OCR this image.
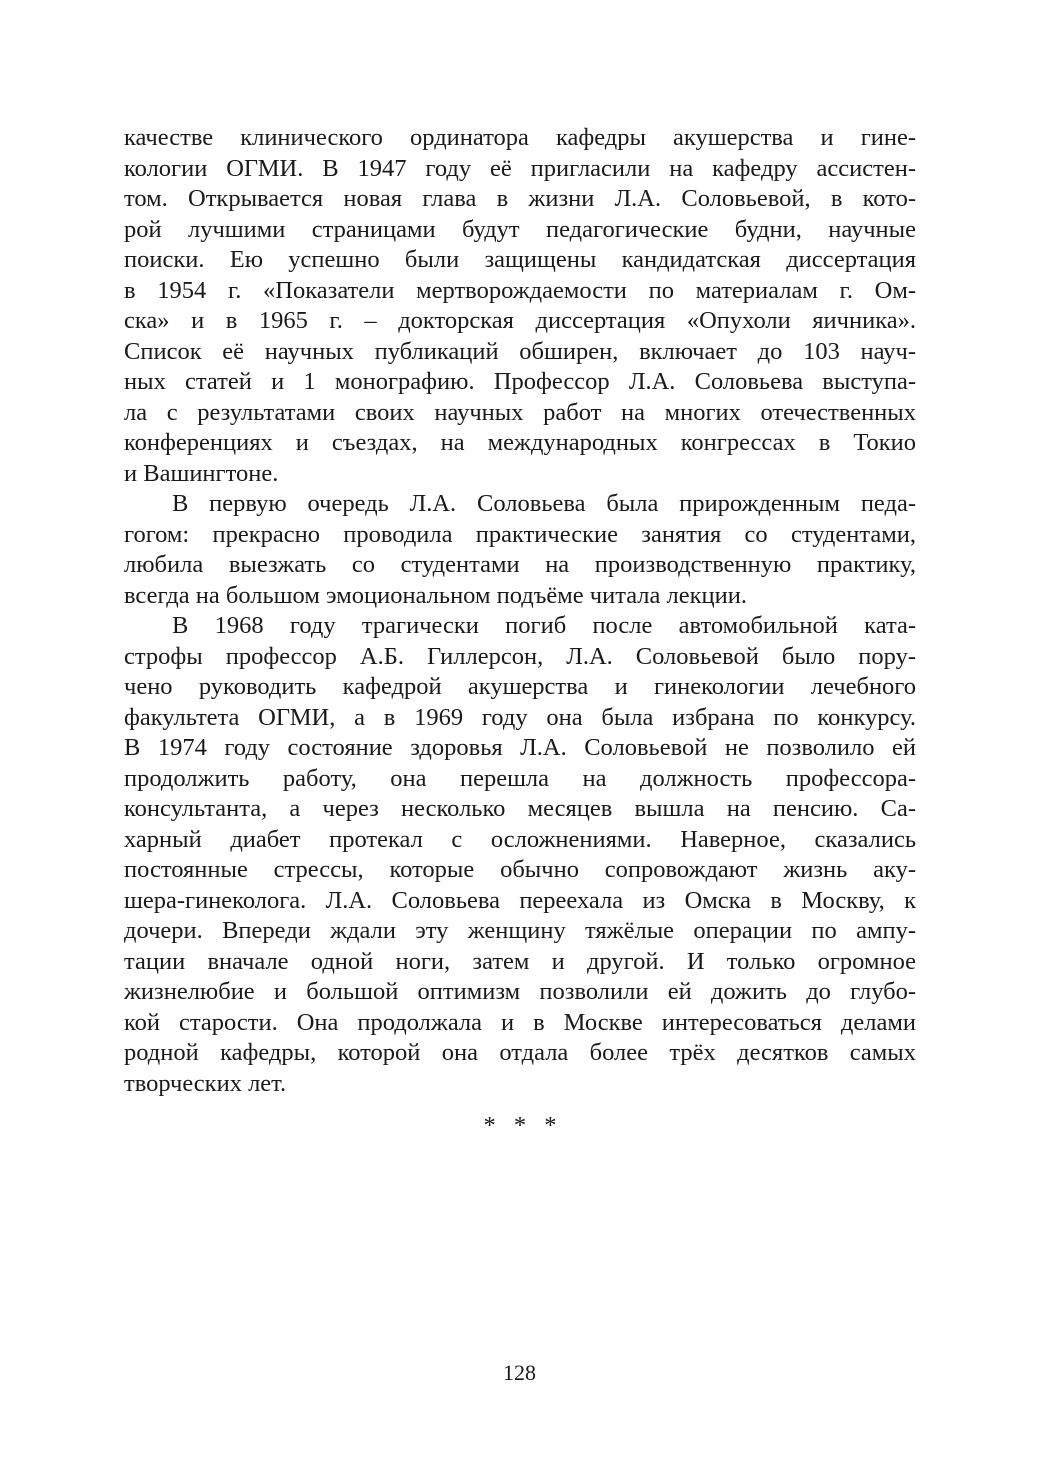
качестве клинического ординатора кафедры акушерства и гине-
кологии ОГМИ. В 1947 году её пригласили на кафедру ассистен-
том. Открывается новая глава в жизни Л.А. Соловьевой, в кото-
рой лучшими страницами будут педагогические будни, научные
поиски. Ею успешно были защищены кандидатская диссертация
в 1954 г. «Показатели мертворождаемости по материалам г. Ом-
ска» и в 1965 г. – докторская диссертация «Опухоли яичника».
Список её научных публикаций обширен, включает до 103 науч-
ных статей и 1 монографию. Профессор Л.А. Соловьева выступа-
ла с результатами своих научных работ на многих отечественных
конференциях и съездах, на международных конгрессах в Токио
и Вашингтоне.
В первую очередь Л.А. Соловьева была прирожденным педа-
гогом: прекрасно проводила практические занятия со студентами,
любила выезжать со студентами на производственную практику,
всегда на большом эмоциональном подъёме читала лекции.
В 1968 году трагически погиб после автомобильной ката-
строфы профессор А.Б. Гиллерсон, Л.А. Соловьевой было пору-
чено руководить кафедрой акушерства и гинекологии лечебного
факультета ОГМИ, а в 1969 году она была избрана по конкурсу.
В 1974 году состояние здоровья Л.А. Соловьевой не позволило ей
продолжить работу, она перешла на должность профессора-
консультанта, а через несколько месяцев вышла на пенсию. Са-
харный диабет протекал с осложнениями. Наверное, сказались
постоянные стрессы, которые обычно сопровождают жизнь аку-
шера-гинеколога. Л.А. Соловьева переехала из Омска в Москву, к
дочери. Впереди ждали эту женщину тяжёлые операции по ампу-
тации вначале одной ноги, затем и другой. И только огромное
жизнелюбие и большой оптимизм позволили ей дожить до глубо-
кой старости. Она продолжала и в Москве интересоваться делами
родной кафедры, которой она отдала более трёх десятков самых
творческих лет.
* * *
128
